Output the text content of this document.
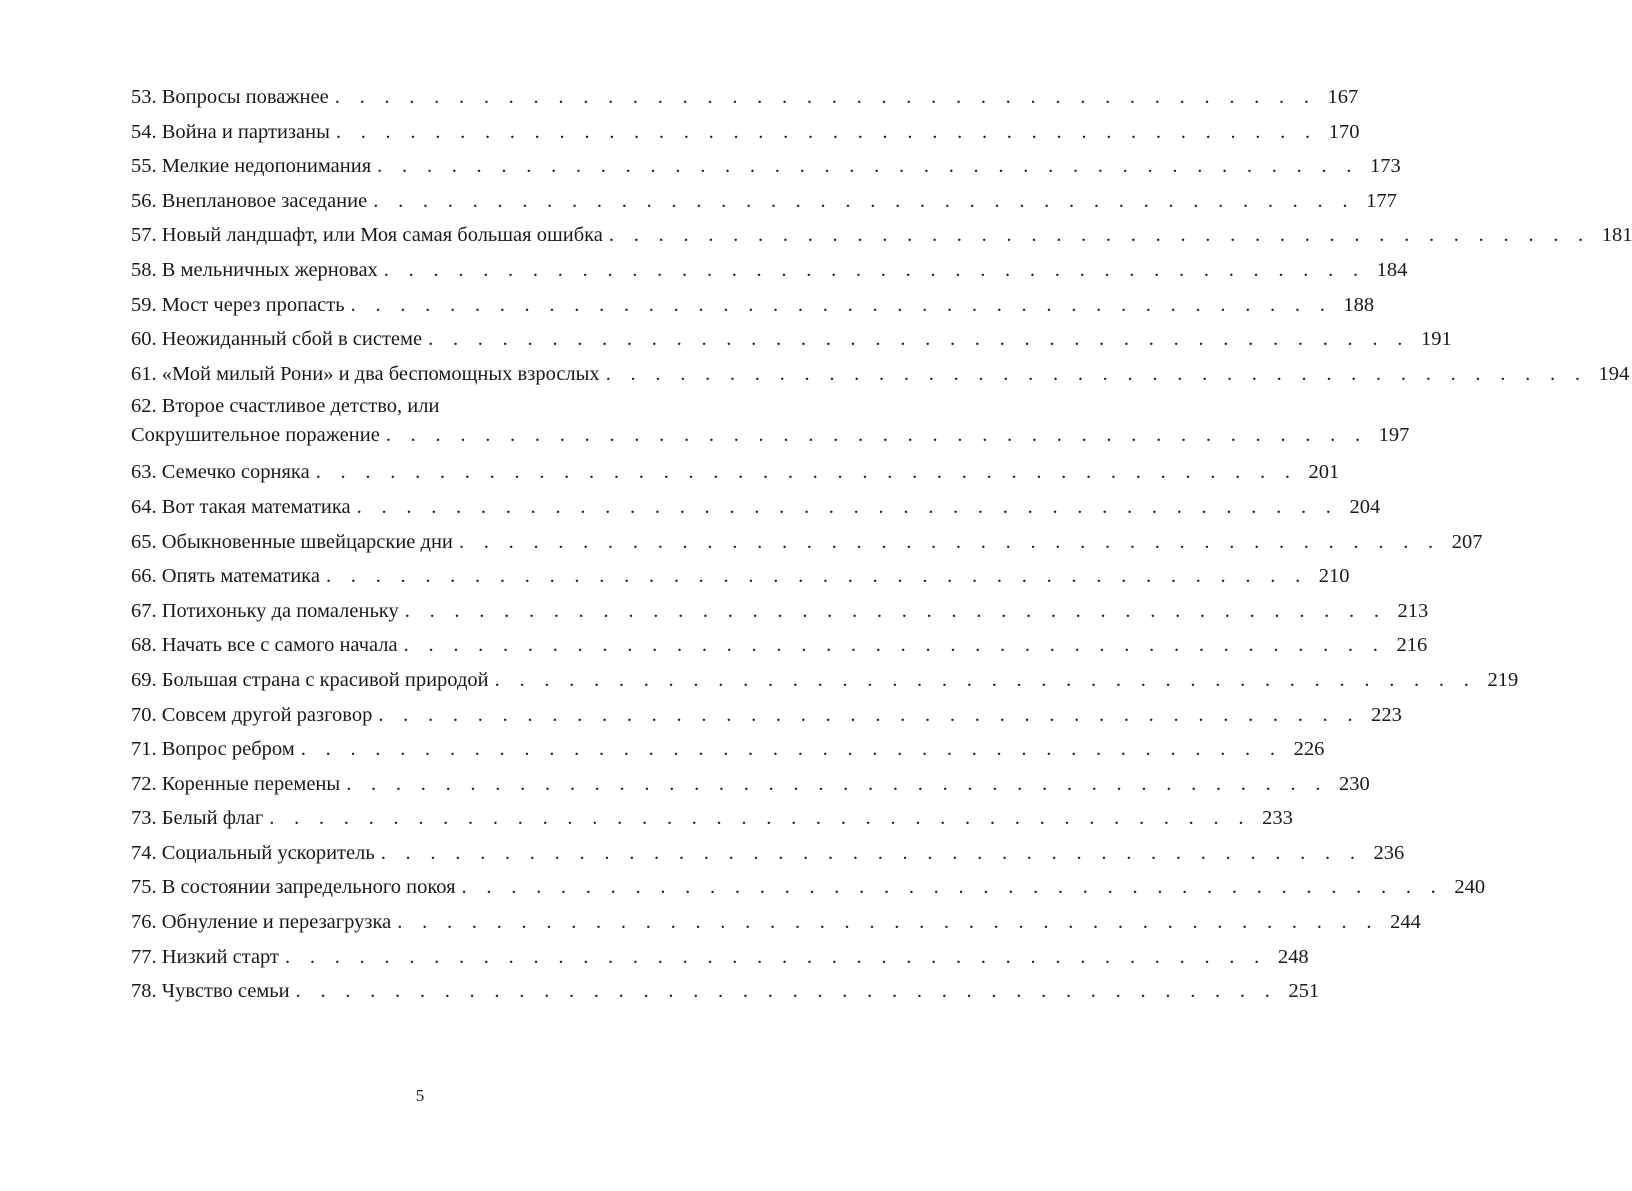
53. Вопросы поважнее . . . . . . . . . . . . . . . . . . . . . . . . . . . . . . . . . . . . . . . . 167
54. Война и партизаны . . . . . . . . . . . . . . . . . . . . . . . . . . . . . . . . . . . . . . . . 170
55. Мелкие недопонимания . . . . . . . . . . . . . . . . . . . . . . . . . . . . . . . . . . . . . . . . 173
56. Внеплановое заседание . . . . . . . . . . . . . . . . . . . . . . . . . . . . . . . . . . . . . . . . 177
57. Новый ландшафт, или Моя самая большая ошибка . . . . . . . . . . . . . . . . . . . . . . . . . . . . . . . . . . . . . . . . 181
58. В мельничных жерновах . . . . . . . . . . . . . . . . . . . . . . . . . . . . . . . . . . . . . . . . 184
59. Мост через пропасть . . . . . . . . . . . . . . . . . . . . . . . . . . . . . . . . . . . . . . . . 188
60. Неожиданный сбой в системе . . . . . . . . . . . . . . . . . . . . . . . . . . . . . . . . . . . . . . . . 191
61. «Мой милый Рони» и два беспомощных взрослых . . . . . . . . . . . . . . . . . . . . . . . . . . . . . . . . . . . . . . . . 194
62. Второе счастливое детство, или
Сокрушительное поражение . . . . . . . . . . . . . . . . . . . . . . . . . . . . . . . . . . . . . . . . 197
63. Семечко сорняка . . . . . . . . . . . . . . . . . . . . . . . . . . . . . . . . . . . . . . . . 201
64. Вот такая математика . . . . . . . . . . . . . . . . . . . . . . . . . . . . . . . . . . . . . . . . 204
65. Обыкновенные швейцарские дни . . . . . . . . . . . . . . . . . . . . . . . . . . . . . . . . . . . . . . . . 207
66. Опять математика . . . . . . . . . . . . . . . . . . . . . . . . . . . . . . . . . . . . . . . . 210
67. Потихоньку да помаленьку . . . . . . . . . . . . . . . . . . . . . . . . . . . . . . . . . . . . . . . . 213
68. Начать все с самого начала . . . . . . . . . . . . . . . . . . . . . . . . . . . . . . . . . . . . . . . . 216
69. Большая страна с красивой природой . . . . . . . . . . . . . . . . . . . . . . . . . . . . . . . . . . . . . . . . 219
70. Совсем другой разговор . . . . . . . . . . . . . . . . . . . . . . . . . . . . . . . . . . . . . . . . 223
71. Вопрос ребром . . . . . . . . . . . . . . . . . . . . . . . . . . . . . . . . . . . . . . . . 226
72. Коренные перемены . . . . . . . . . . . . . . . . . . . . . . . . . . . . . . . . . . . . . . . . 230
73. Белый флаг . . . . . . . . . . . . . . . . . . . . . . . . . . . . . . . . . . . . . . . . 233
74. Социальный ускоритель . . . . . . . . . . . . . . . . . . . . . . . . . . . . . . . . . . . . . . . . 236
75. В состоянии запредельного покоя . . . . . . . . . . . . . . . . . . . . . . . . . . . . . . . . . . . . . . . . 240
76. Обнуление и перезагрузка . . . . . . . . . . . . . . . . . . . . . . . . . . . . . . . . . . . . . . . . 244
77. Низкий старт . . . . . . . . . . . . . . . . . . . . . . . . . . . . . . . . . . . . . . . . 248
78. Чувство семьи . . . . . . . . . . . . . . . . . . . . . . . . . . . . . . . . . . . . . . . . 251
5
